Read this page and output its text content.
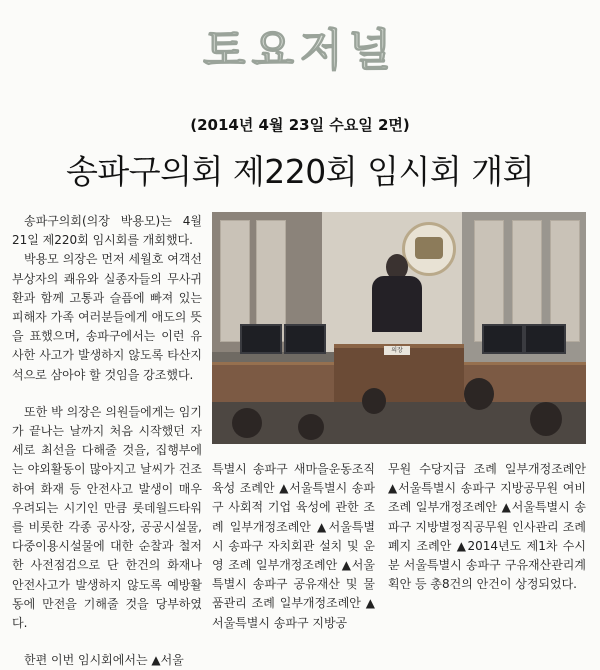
토요저널
(2014년 4월 23일 수요일 2면)
송파구의회 제220회 임시회 개회

송파구의회(의장 박용모)는 4월 21일 제220회 임시회를 개회했다.

박용모 의장은 먼저 세월호 여객선 부상자의 쾌유와 실종자들의 무사귀환과 함께 고통과 슬픔에 빠져 있는 피해자 가족 여러분들에게 애도의 뜻을 표했으며, 송파구에서는 이런 유사한 사고가 발생하지 않도록 타산지석으로 삼아야 할 것임을 강조했다.

또한 박 의장은 의원들에게는 임기가 끝나는 날까지 처음 시작했던 자세로 최선을 다해줄 것을, 집행부에는 야외활동이 많아지고 날씨가 건조하여 화재 등 안전사고 발생이 매우 우려되는 시기인 만큼 롯데월드타워를 비롯한 각종 공사장, 공공시설물, 다중이용시설물에 대한 순찰과 철저한 사전점검으로 단 한건의 화재나 안전사고가 발생하지 않도록 예방활동에 만전을 기해줄 것을 당부하였다.

한편 이번 임시회에서는 ▲서울

의장

특별시 송파구 새마을운동조직 육성 조례안 ▲서울특별시 송파구 사회적 기업 육성에 관한 조례 일부개정조례안 ▲서울특별시 송파구 자치회관 설치 및 운영 조례 일부개정조례안 ▲서울특별시 송파구 공유재산 및 물품관리 조례 일부개정조례안 ▲서울특별시 송파구 지방공

무원 수당지급 조례 일부개정조례안 ▲서울특별시 송파구 지방공무원 여비 조례 일부개정조례안 ▲서울특별시 송파구 지방별정직공무원 인사관리 조례 폐지 조례안 ▲2014년도 제1차 수시분 서울특별시 송파구 구유재산관리계획안 등 총8건의 안건이 상정되었다.
